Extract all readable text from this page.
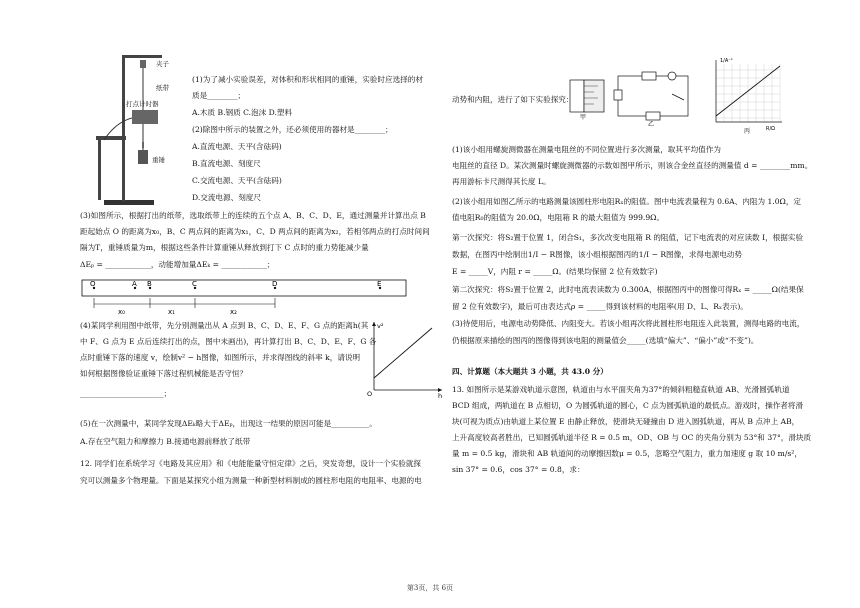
夹子
纸带
打点计时器
重锤
(1)为了减小实验误差，对体积和形状相同的重锤，实验时应选择的材
质是________；
A.木质 B.钢质 C.泡沫 D.塑料
(2)除图中所示的装置之外，还必须使用的器材是________；
A.直流电源、天平(含砝码)
B.直流电源、刻度尺
C.交流电源、天平(含砝码)
D.交流电源、刻度尺
(3)如图所示，根据打出的纸带，选取纸带上的连续的五个点 A、B、C、D、E，通过测量并计算出点 B
距起始点 O 的距离为x₀，B、C 两点间的距离为x₁，C、D 两点间的距离为x₂，若相邻两点的打点时间间
隔为T，重锤质量为m，根据这些条件计算重锤从释放到打下 C 点时的重力势能减少量
ΔEₚ = ____________，动能增加量ΔEₖ = ____________；
(4)某同学利用图中纸带，先分别测量出从 A 点到 B、C、D、E、F、G 点的距离h(其
中 F、G 点为 E 点后连续打出的点，图中未画出)，再计算打出 B、C、D、E、F、G 各
点时重锤下落的速度 v，绘制v² − h图像，如图所示，并求得图线的斜率 k，请说明
如何根据图像验证重锤下落过程机械能是否守恒？
______________________；
(5)在一次测量中，某同学发现ΔEₖ略大于ΔEₚ，出现这一结果的原因可能是__________。
A.存在空气阻力和摩擦力 B.接通电源前释放了纸带
12. 同学们在系统学习《电路及其应用》和《电能能量守恒定律》之后，突发奇想，设计一个实验就探
究可以测量多个物理量。下面是某探究小组为测量一种新型材料制成的圆柱形电阻的电阻率、电源的电
O	A B	C	D	E
x₀	x₁	x₂
v²
h
O
甲
乙
1/A⁻¹
R/Ω
丙
动势和内阻，进行了如下实验探究：
(1)该小组用螺旋测微器在测量电阻丝的不同位置进行多次测量，取其平均值作为
电阻丝的直径 D。某次测量时螺旋测微器的示数如图甲所示，则该合金丝直径的测量值 d = ________mm。
再用游标卡尺测得其长度 L。
(2)该小组用如图乙所示的电路测量该圆柱形电阻Rₓ的阻值。图中电流表量程为 0.6A、内阻为 1.0Ω，定
值电阻R₀的阻值为 20.0Ω，电阻箱 R 的最大阻值为 999.9Ω。
第一次探究：将S₂置于位置 1，闭合S₁，多次改变电阻箱 R 的阻值，记下电流表的对应读数 I，根据实验
数据，在图丙中绘制出1/I − R图像，该小组根据图丙的1/I − R图像，求得电源电动势
E = _____V，内阻 r = _____Ω。(结果均保留 2 位有效数字)
第二次探究：将S₂置于位置 2，此时电流表读数为 0.300A，根据图丙中的图像可得Rₓ = _____Ω(结果保
留 2 位有效数字)，最后可由表达式ρ = _____得到该材料的电阻率(用 D、L、Rₓ表示)。
(3)待使用后，电源电动势降低、内阻变大。若该小组再次将此圆柱形电阻连入此装置，测得电路的电流，
仍根据原来描绘的图丙的图像得到该电阻的测量值会_____(选填“偏大”、“偏小”或“不变”)。
四、计算题（本大题共 3 小题，共 43.0 分）
13. 如图所示是某游戏轨道示意图，轨道由与水平面夹角为37°的倾斜粗糙直轨道 AB、光滑圆弧轨道
BCD 组成，两轨道在 B 点相切，O 为圆弧轨道的圆心，C 点为圆弧轨道的最低点。游戏时，操作者将滑
块(可视为质点)由轨道上某位置 E 由静止释放，使滑块无碰撞由 D 进入圆弧轨道，再从 B 点冲上 AB，
上升高度较高者胜出，已知圆弧轨道半径 R = 0.5 m，OD、OB 与 OC 的夹角分别为 53°和 37°，滑块质
量 m = 0.5 kg，滑块和 AB 轨道间的动摩擦因数μ = 0.5，忽略空气阻力，重力加速度 g 取 10 m/s²，
sin 37° = 0.6，cos 37° = 0.8，求：
第3页，共 6页
